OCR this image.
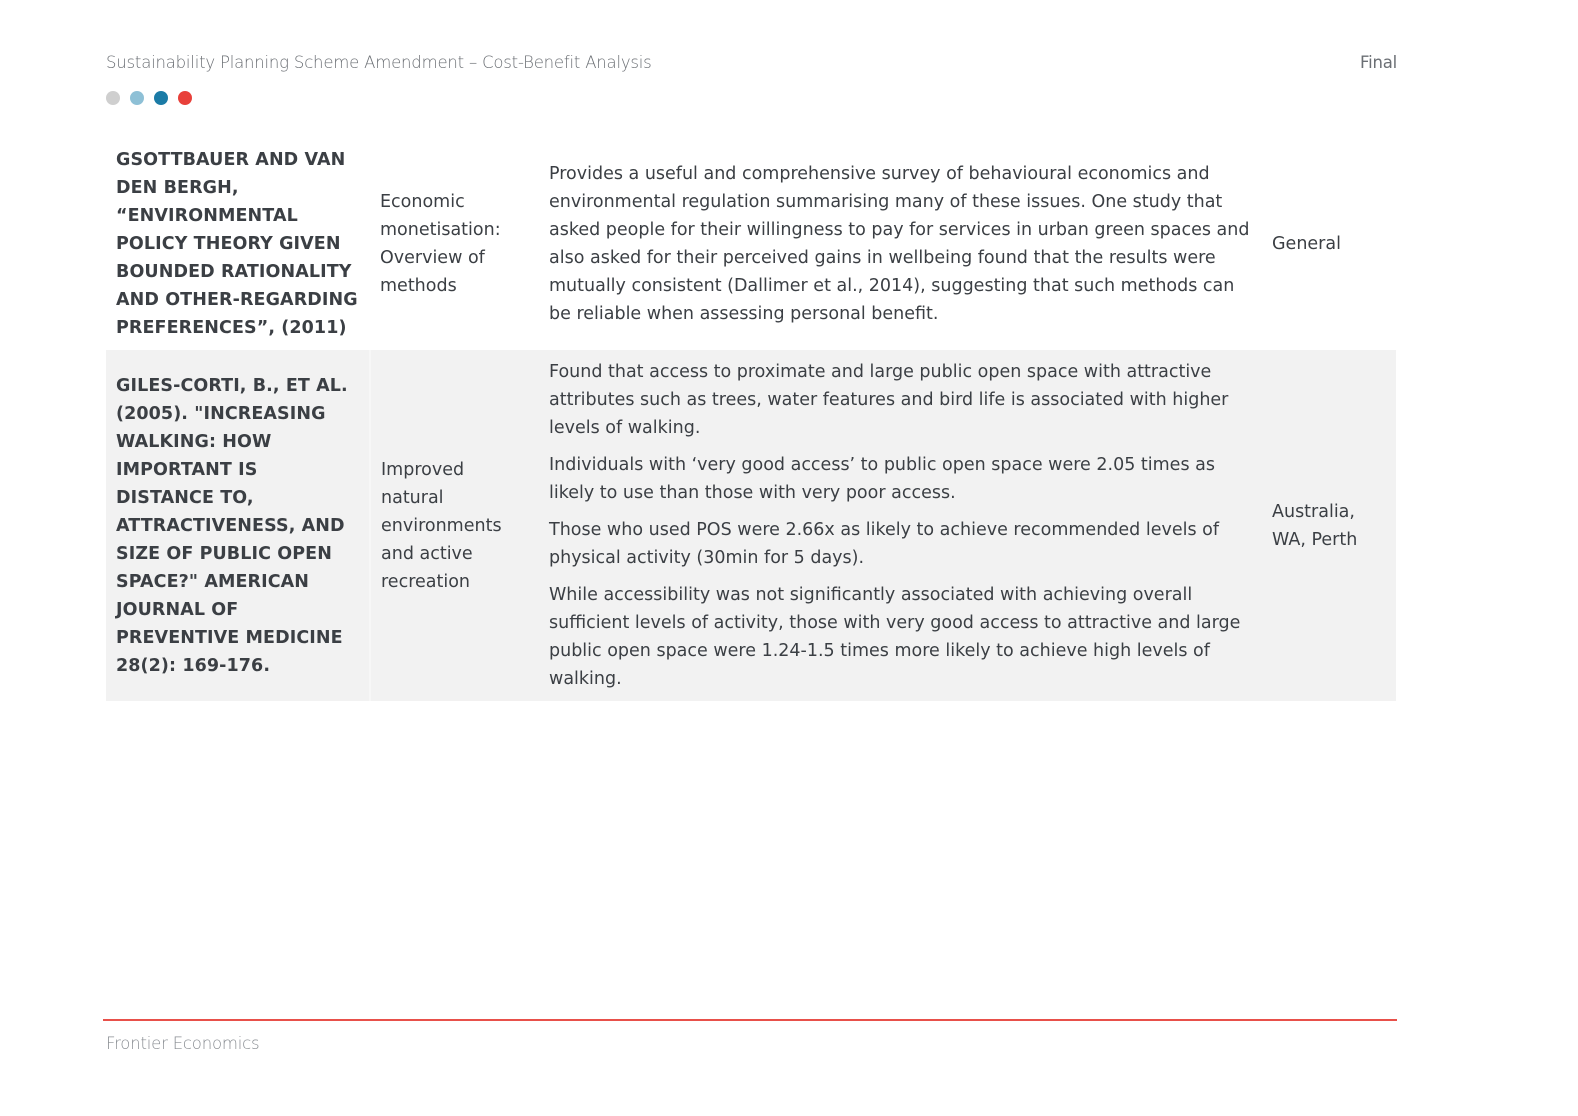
Sustainability Planning Scheme Amendment – Cost-Benefit Analysis	Final
GSOTTBAUER AND VAN DEN BERGH, “ENVIRONMENTAL POLICY THEORY GIVEN BOUNDED RATIONALITY AND OTHER-REGARDING PREFERENCES”, (2011)	Economic monetisation: Overview of methods	Provides a useful and comprehensive survey of behavioural economics and environmental regulation summarising many of these issues. One study that asked people for their willingness to pay for services in urban green spaces and also asked for their perceived gains in wellbeing found that the results were mutually consistent (Dallimer et al., 2014), suggesting that such methods can be reliable when assessing personal benefit.	General
GILES-CORTI, B., ET AL. (2005). "INCREASING WALKING: HOW IMPORTANT IS DISTANCE TO, ATTRACTIVENESS, AND SIZE OF PUBLIC OPEN SPACE?" AMERICAN JOURNAL OF PREVENTIVE MEDICINE 28(2): 169-176.	Improved natural environments and active recreation	Found that access to proximate and large public open space with attractive attributes such as trees, water features and bird life is associated with higher levels of walking.

Individuals with ‘very good access’ to public open space were 2.05 times as likely to use than those with very poor access.

Those who used POS were 2.66x as likely to achieve recommended levels of physical activity (30min for 5 days).

While accessibility was not significantly associated with achieving overall sufficient levels of activity, those with very good access to attractive and large public open space were 1.24-1.5 times more likely to achieve high levels of walking.	Australia, WA, Perth
Frontier Economics
